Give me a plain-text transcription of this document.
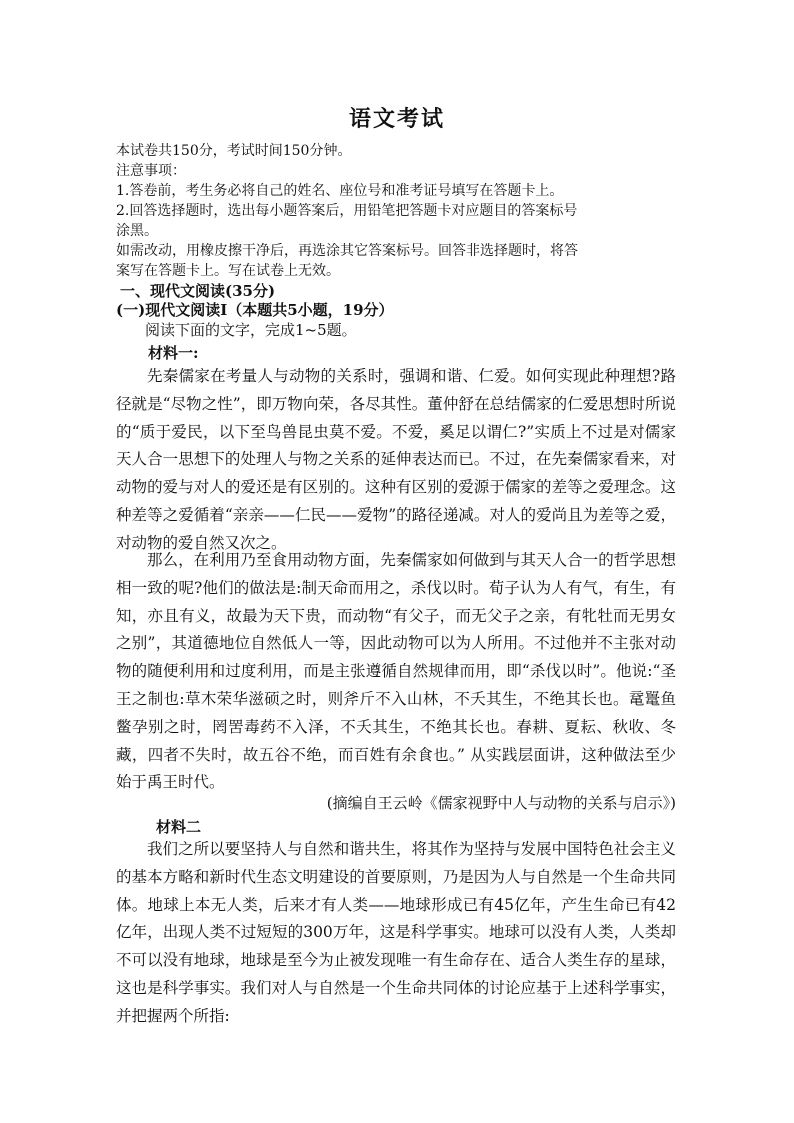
语文考试
本试卷共150分，考试时间150分钟。
注意事项：
1.答卷前，考生务必将自己的姓名、座位号和准考证号填写在答题卡上。
2.回答选择题时，选出每小题答案后，用铅笔把答题卡对应题目的答案标号
涂黑。
如需改动，用橡皮擦干净后，再选涂其它答案标号。回答非选择题时，将答
案写在答题卡上。写在试卷上无效。
一、现代文阅读(35分)
(一)现代文阅读Ⅰ（本题共5小题，19分）
阅读下面的文字，完成1~5题。
材料一:

先秦儒家在考量人与动物的关系时，强调和谐、仁爱。如何实现此种理想?路径就是“尽物之性”，即万物向荣，各尽其性。董仲舒在总结儒家的仁爱思想时所说的“质于爱民，以下至鸟兽昆虫莫不爱。不爱，奚足以谓仁?”实质上不过是对儒家天人合一思想下的处理人与物之关系的延伸表达而已。不过，在先秦儒家看来，对动物的爱与对人的爱还是有区别的。这种有区别的爱源于儒家的差等之爱理念。这种差等之爱循着“亲亲——仁民——爱物”的路径递减。对人的爱尚且为差等之爱，对动物的爱自然又次之。

那么，在利用乃至食用动物方面，先秦儒家如何做到与其天人合一的哲学思想相一致的呢?他们的做法是:制天命而用之，杀伐以时。荀子认为人有气，有生，有知，亦且有义，故最为天下贵，而动物“有父子，而无父子之亲，有牝牡而无男女之别”，其道德地位自然低人一等，因此动物可以为人所用。不过他并不主张对动物的随便利用和过度利用，而是主张遵循自然规律而用，即“杀伐以时”。他说:“圣王之制也:草木荣华滋硕之时，则斧斤不入山林，不夭其生，不绝其长也。鼋鼍鱼鳖孕别之时，罔罟毒药不入泽，不夭其生，不绝其长也。春耕、夏耘、秋收、冬藏，四者不失时，故五谷不绝，而百姓有余食也。” 从实践层面讲，这种做法至少始于禹王时代。

(摘编自王云岭《儒家视野中人与动物的关系与启示》)
材料二

我们之所以要坚持人与自然和谐共生，将其作为坚持与发展中国特色社会主义的基本方略和新时代生态文明建设的首要原则，乃是因为人与自然是一个生命共同体。地球上本无人类，后来才有人类——地球形成已有45亿年，产生生命已有42亿年，出现人类不过短短的300万年，这是科学事实。地球可以没有人类，人类却不可以没有地球，地球是至今为止被发现唯一有生命存在、适合人类生存的星球，这也是科学事实。我们对人与自然是一个生命共同体的讨论应基于上述科学事实，并把握两个所指:
